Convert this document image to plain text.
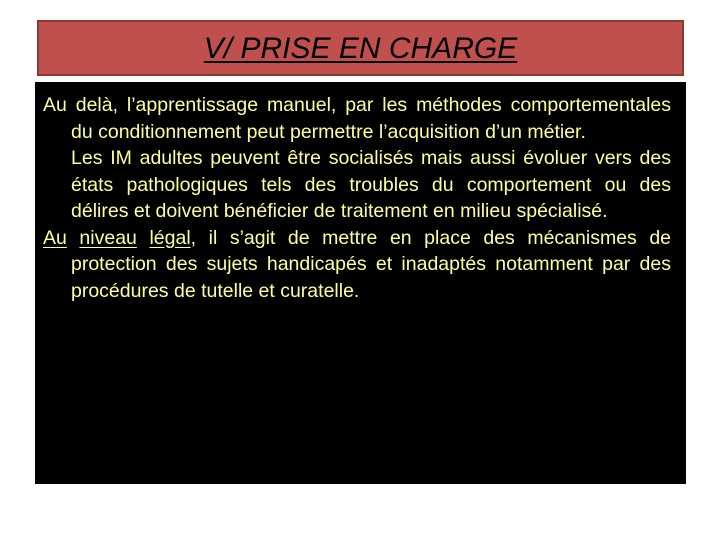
V/ PRISE EN CHARGE

Au delà, l’apprentissage manuel, par les méthodes comportementales du conditionnement peut permettre l’acquisition d’un métier.

Les IM adultes peuvent être socialisés mais aussi évoluer vers des états pathologiques tels des troubles du comportement ou des délires et doivent bénéficier de traitement en milieu spécialisé.

Au niveau légal, il s’agit de mettre en place des mécanismes de protection des sujets handicapés et inadaptés notamment par des procédures de tutelle et curatelle.
